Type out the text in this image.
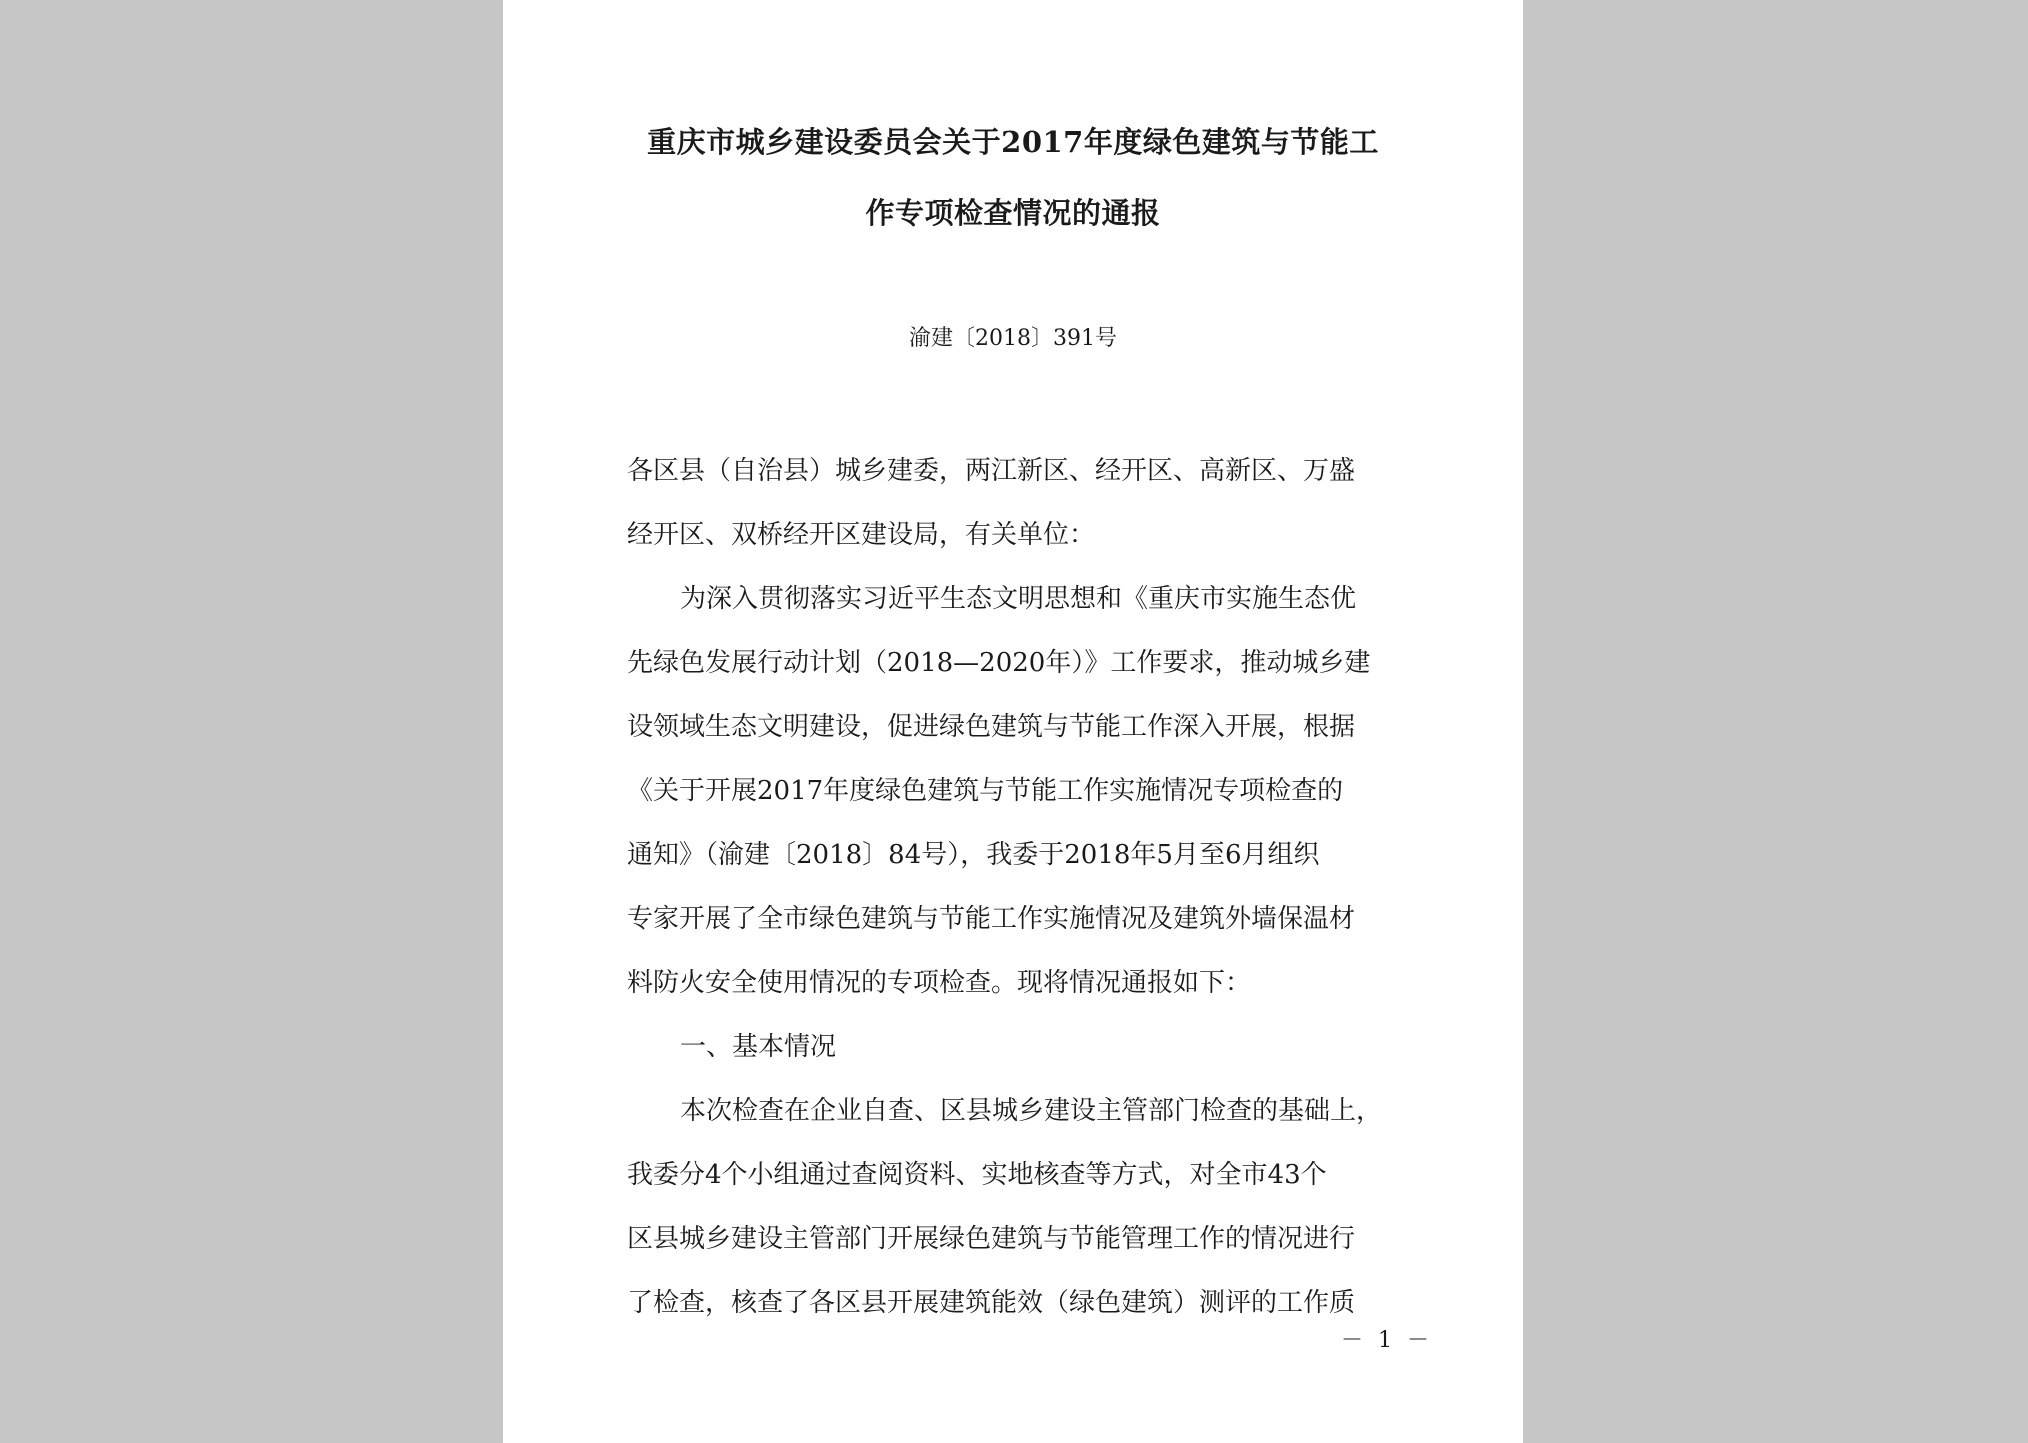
重庆市城乡建设委员会关于2017年度绿色建筑与节能工
作专项检查情况的通报
渝建〔2018〕391号
各区县（自治县）城乡建委，两江新区、经开区、高新区、万盛
经开区、双桥经开区建设局，有关单位：
为深入贯彻落实习近平生态文明思想和《重庆市实施生态优
先绿色发展行动计划（2018—2020年）》工作要求，推动城乡建
设领域生态文明建设，促进绿色建筑与节能工作深入开展，根据
《关于开展2017年度绿色建筑与节能工作实施情况专项检查的
通知》（渝建〔2018〕84号），我委于2018年5月至6月组织
专家开展了全市绿色建筑与节能工作实施情况及建筑外墙保温材
料防火安全使用情况的专项检查。现将情况通报如下：
一、基本情况
本次检查在企业自查、区县城乡建设主管部门检查的基础上，
我委分4个小组通过查阅资料、实地核查等方式，对全市43个
区县城乡建设主管部门开展绿色建筑与节能管理工作的情况进行
了检查，核查了各区县开展建筑能效（绿色建筑）测评的工作质
－ 1 －
